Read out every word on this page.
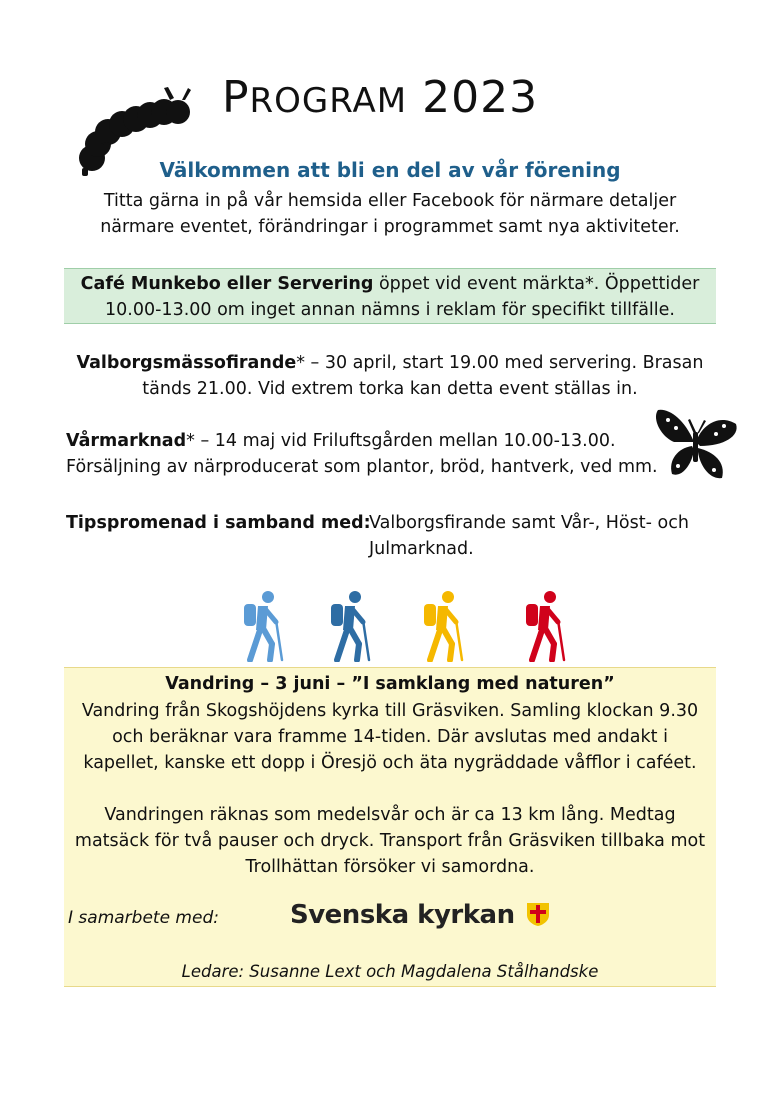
PROGRAM 2023
Välkommen att bli en del av vår förening
Titta gärna in på vår hemsida eller Facebook för närmare detaljer
närmare eventet, förändringar i programmet samt nya aktiviteter.
Café Munkebo eller Servering öppet vid event märkta*. Öppettider
10.00-13.00 om inget annan nämns i reklam för specifikt tillfälle.
Valborgsmässofirande* – 30 april, start 19.00 med servering. Brasan
tänds 21.00. Vid extrem torka kan detta event ställas in.
Vårmarknad* – 14 maj vid Friluftsgården mellan 10.00-13.00.
Försäljning av närproducerat som plantor, bröd, hantverk, ved mm.
Tipspromenad i samband med:
Valborgsfirande samt Vår-, Höst- och
Julmarknad.
Vandring – 3 juni – ”I samklang med naturen”
Vandring från Skogshöjdens kyrka till Gräsviken. Samling klockan 9.30
och beräknar vara framme 14-tiden. Där avslutas med andakt i
kapellet, kanske ett dopp i Öresjö och äta nygräddade våfflor i caféet.
Vandringen räknas som medelsvår och är ca 13 km lång. Medtag
matsäck för två pauser och dryck. Transport från Gräsviken tillbaka mot
Trollhättan försöker vi samordna.
I samarbete med:	Svenska kyrkan
Ledare: Susanne Lext och Magdalena Stålhandske
